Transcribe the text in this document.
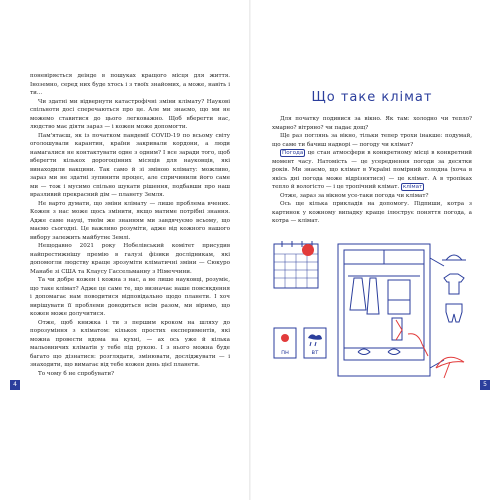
поневіряється деінде в пошуках кращого місця для життя. Іноземно, серед них буде хтось і з твоїх знайомих, а може, навіть і ти...

Чи здатні ми відвернути катастрофічні зміни клімату? Наукові спільноти досі сперечаються про це. Але ми знаємо, що ми не можемо ставитися до цього легковажно. Щоб вберегти нас, людство має діяти зараз — і кожен може допомогти.

Пам'ятаєш, як із початком пандемії COVID-19 по всьому світу оголошували карантин, країни закривали кордони, а люди намагалися не контактувати одне з одним? І все заради того, щоб вберегти кількох дорогоцінних місяців для науковців, які винаходили вакцини. Так само й зі зміною клімату: можливо, зараз ми не здатні зупинити процес, але спричинили його саме ми — тож і мусимо спільно шукати рішення, подбавши про наш вразливий прекрасний дім — планету Земля.

Не варто думати, що зміни клімату — лише проблема вчених. Кожен з нас може щось змінити, якщо матиме потрібні знання. Адже саме науці, твоїм же знанням ми завдячуємо всьому, що маємо сьогодні. Це важливо розуміти, адже від кожного нашого вибору залежить майбутнє Землі.

Нещодавно 2021 року Нобелівський комітет присудив найпрестижнішу премію в галузі фізики дослідникам, які допомогли людству краще зрозуміти кліматичні зміни — Сюкуро Манабе зі США та Клаусу Гассельманну з Німеччини.

Та чи добре кожен і кожна з нас, а не лише науковці, розуміє, що таке клімат? Адже це саме те, що визначає наше повсякдення і допомагає нам поводитися відповідально щодо планети. І хоч вирішувати її проблеми доводиться всім разом, ми віримо, що кожен може долучитися.

Отже, щоб книжка і ти з першим кроком на шляху до порозуміння з кліматом: кількох простих експериментів, які можна провести вдома на кухні, — ах ось уже й кілька мальовничих кліматів у тебе під рукою. І з нього можна буде багато що дізнатися: розглядати, змінювати, досліджувати — і знаходити, що вимагає від тебе кожен день цієї планети.

То чому б не спробувати?

4
Що таке клімат

Для початку подивися за вікно. Як там: холодно чи тепло? хмарно? вітряно? чи падає дощ?

Ще раз поглянь за вікно, тільки тепер трохи інакше: подумай, що саме ти бачиш надворі — погоду чи клімат?

Погода це стан атмосфери в конкретному місці в конкретний момент часу. Натомість — це усереднення погоди за десятки років. Ми знаємо, що клімат в Україні помірний холодна (хоча в якісь дні погода може відрізнятися) — це клімат. А в тропіках тепло й вологісто — і це тропічний клімат. клімат

Отже, зараз за вікном усе-таки погода чи клімат?

Ось ще кілька прикладів на допомогу. Підпиши, котра з картинок у кожному випадку краще ілюструє поняття погода, а котра — клімат.

пн	вт
5
